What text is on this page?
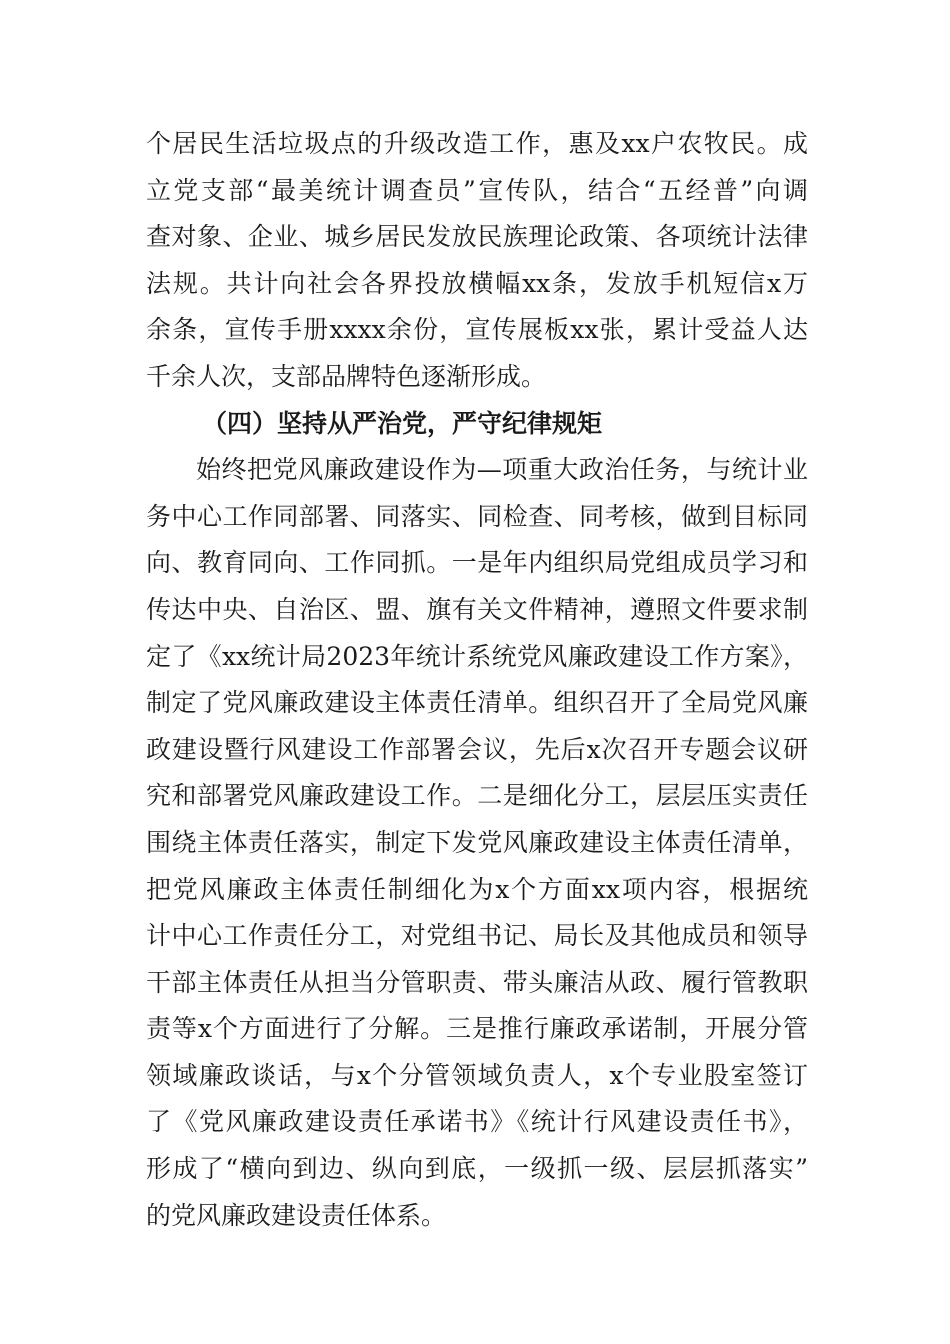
个居民生活垃圾点的升级改造工作，惠及xx户农牧民。成
立党支部“最美统计调查员”宣传队，结合“五经普”向调
查对象、企业、城乡居民发放民族理论政策、各项统计法律
法规。共计向社会各界投放横幅xx条，发放手机短信x万
余条，宣传手册xxxx余份，宣传展板xx张，累计受益人达
千余人次，支部品牌特色逐渐形成。
（四）坚持从严治党，严守纪律规矩
始终把党风廉政建设作为—项重大政治任务，与统计业
务中心工作同部署、同落实、同检查、同考核，做到目标同
向、教育同向、工作同抓。一是年内组织局党组成员学习和
传达中央、自治区、盟、旗有关文件精神，遵照文件要求制
定了《xx统计局2023年统计系统党风廉政建设工作方案》，
制定了党风廉政建设主体责任清单。组织召开了全局党风廉
政建设暨行风建设工作部署会议，先后x次召开专题会议研
究和部署党风廉政建设工作。二是细化分工，层层压实责任
围绕主体责任落实，制定下发党风廉政建设主体责任清单，
把党风廉政主体责任制细化为x个方面xx项内容，根据统
计中心工作责任分工，对党组书记、局长及其他成员和领导
干部主体责任从担当分管职责、带头廉洁从政、履行管教职
责等x个方面进行了分解。三是推行廉政承诺制，开展分管
领域廉政谈话，与x个分管领域负责人，x个专业股室签订
了《党风廉政建设责任承诺书》《统计行风建设责任书》，
形成了“横向到边、纵向到底，一级抓一级、层层抓落实”
的党风廉政建设责任体系。
